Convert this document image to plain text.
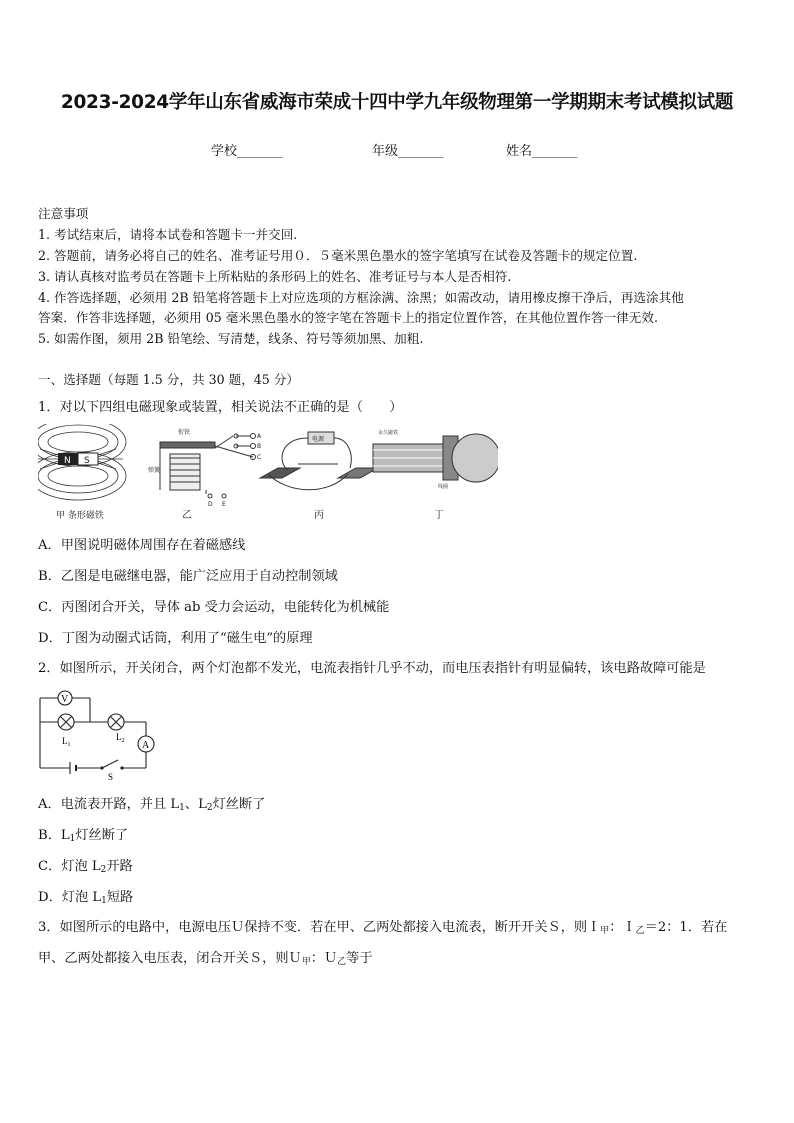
2023-2024学年山东省威海市荣成十四中学九年级物理第一学期期末考试模拟试题
学校_______	年级_______	姓名_______
注意事项
1. 考试结束后，请将本试卷和答题卡一并交回.
2. 答题前，请务必将自己的姓名、准考证号用０．５毫米黑色墨水的签字笔填写在试卷及答题卡的规定位置.
3. 请认真核对监考员在答题卡上所粘贴的条形码上的姓名、准考证号与本人是否相符.
4. 作答选择题，必须用 2B 铅笔将答题卡上对应选项的方框涂满、涂黑；如需改动，请用橡皮擦干净后，再选涂其他
答案．作答非选择题，必须用 05 毫米黑色墨水的签字笔在答题卡上的指定位置作答，在其他位置作答一律无效.
5. 如需作图，须用 2B 铅笔绘、写清楚，线条、符号等须加黑、加粗.
一、选择题（每题 1.5 分，共 30 题，45 分）
1．对以下四组电磁现象或装置，相关说法不正确的是（　　）
N S
甲 条形磁铁
衔铁
弹簧
A
B
C
D E
乙
电源
丙
永久磁铁
线圈
丁
A．甲图说明磁体周围存在着磁感线
B．乙图是电磁继电器，能广泛应用于自动控制领域
C．丙图闭合开关，导体 ab 受力会运动，电能转化为机械能
D．丁图为动圈式话筒，利用了“磁生电”的原理
2．如图所示，开关闭合，两个灯泡都不发光，电流表指针几乎不动，而电压表指针有明显偏转，该电路故障可能是
V
A
$L_1$
$L_2$
S
A．电流表开路，并且 $L_1$、$L_2$灯丝断了
B．$L_1$灯丝断了
C．灯泡 $L_2$开路
D．灯泡 $L_1$短路
3．如图所示的电路中，电源电压Ｕ保持不变．若在甲、乙两处都接入电流表，断开开关Ｓ，则Ｉ$_甲$：Ｉ$_乙$＝2：1．若在
甲、乙两处都接入电压表，闭合开关Ｓ，则Ｕ$_甲$：Ｕ$_乙$等于
